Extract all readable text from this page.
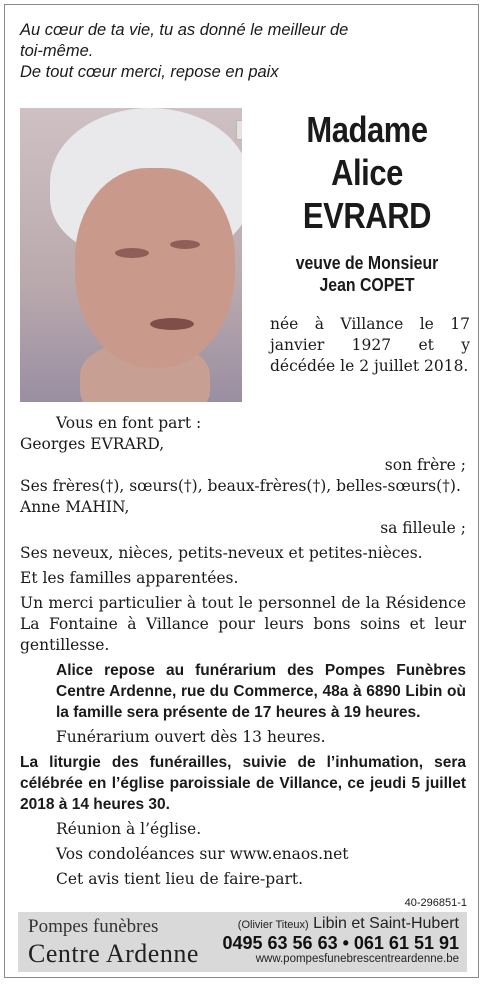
Au cœur de ta vie, tu as donné le meilleur de
toi-même.
De tout cœur merci, repose en paix
Madame
Alice
EVRARD
veuve de Monsieur
Jean COPET
née à Villance le 17 janvier 1927 et y décédée le 2 juillet 2018.

Vous en font part :

Georges EVRARD,

son frère ;

Ses frères(†), sœurs(†), beaux-frères(†), belles-sœurs(†).

Anne MAHIN,

sa filleule ;

Ses neveux, nièces, petits-neveux et petites-nièces.

Et les familles apparentées.

Un merci particulier à tout le personnel de la Résidence La Fontaine à Villance pour leurs bons soins et leur gentillesse.

Alice repose au funérarium des Pompes Funèbres Centre Ardenne, rue du Commerce, 48a à 6890 Libin où la famille sera présente de 17 heures à 19 heures.

Funérarium ouvert dès 13 heures.

La liturgie des funérailles, suivie de l’inhumation, sera célébrée en l’église paroissiale de Villance, ce jeudi 5 juillet 2018 à 14 heures 30.

Réunion à l’église.

Vos condoléances sur www.enaos.net

Cet avis tient lieu de faire-part.

40-296851-1
Pompes funèbres
Centre Ardenne
(Olivier Titeux) Libin et Saint-Hubert
0495 63 56 63 • 061 61 51 91
www.pompesfunebrescentreardenne.be
